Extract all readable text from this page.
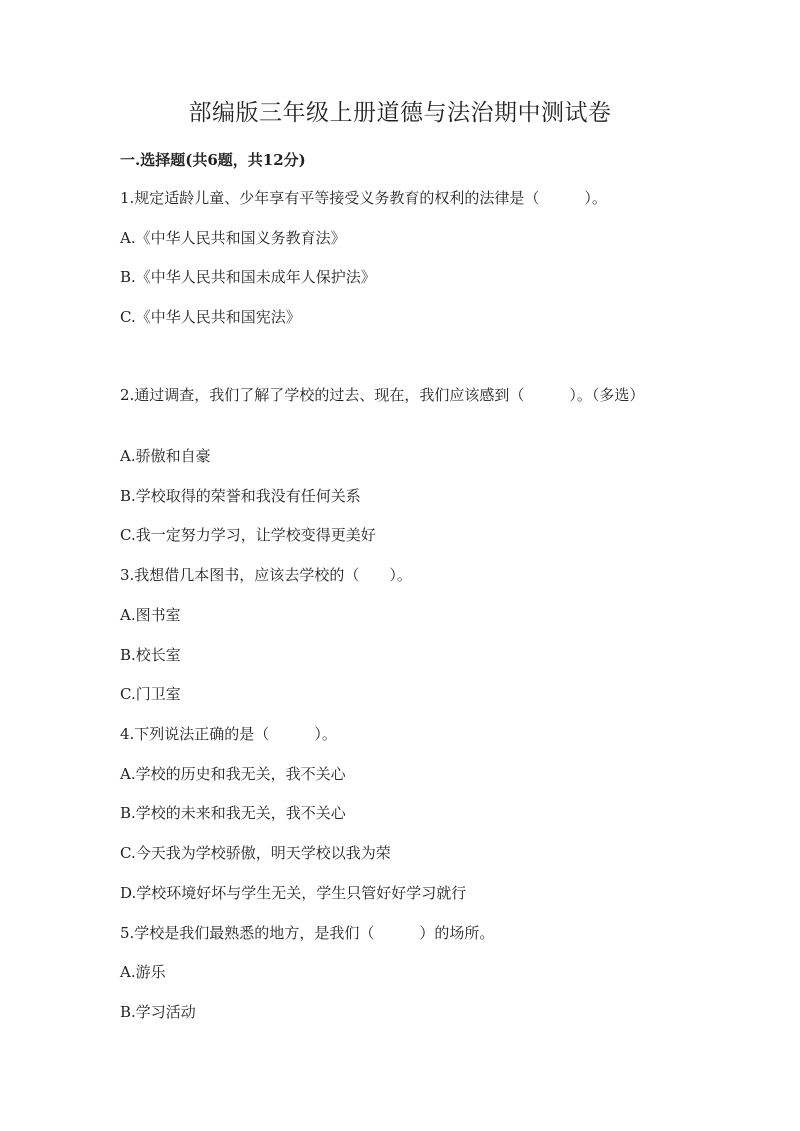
部编版三年级上册道德与法治期中测试卷
一.选择题(共6题，共12分)
1.规定适龄儿童、少年享有平等接受义务教育的权利的法律是（　　　）。
A.《中华人民共和国义务教育法》
B.《中华人民共和国未成年人保护法》
C.《中华人民共和国宪法》
2.通过调查，我们了解了学校的过去、现在，我们应该感到（　　　）。（多选）
A.骄傲和自豪
B.学校取得的荣誉和我没有任何关系
C.我一定努力学习，让学校变得更美好
3.我想借几本图书，应该去学校的（　　）。
A.图书室
B.校长室
C.门卫室
4.下列说法正确的是（　　　）。
A.学校的历史和我无关，我不关心
B.学校的未来和我无关，我不关心
C.今天我为学校骄傲，明天学校以我为荣
D.学校环境好坏与学生无关，学生只管好好学习就行
5.学校是我们最熟悉的地方，是我们（　　　）的场所。
A.游乐
B.学习活动
